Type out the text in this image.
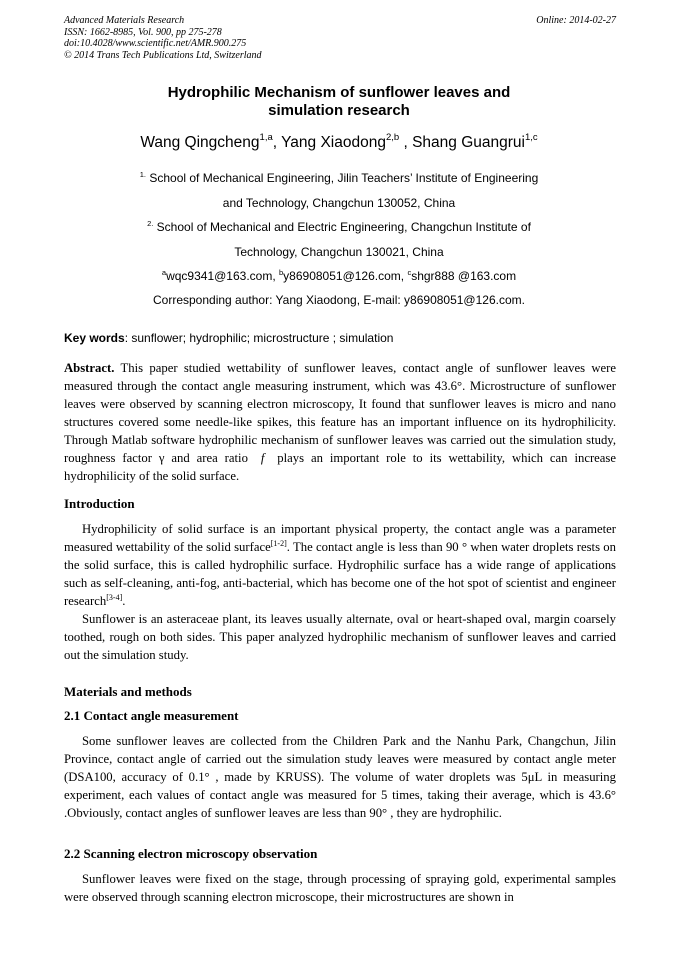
Advanced Materials Research
ISSN: 1662-8985, Vol. 900, pp 275-278
doi:10.4028/www.scientific.net/AMR.900.275
© 2014 Trans Tech Publications Ltd, Switzerland
Online: 2014-02-27
Hydrophilic Mechanism of sunflower leaves and
simulation research
Wang Qingcheng$^{1,a}$, Yang Xiaodong$^{2,b}$ , Shang Guangrui$^{1,c}$
$^{1.}$ School of Mechanical Engineering, Jilin Teachers’ Institute of Engineering
and Technology, Changchun 130052, China
$^{2.}$ School of Mechanical and Electric Engineering, Changchun Institute of
Technology, Changchun 130021, China
$^a$wqc9341@163.com, $^b$y86908051@126.com, $^c$shgr888 @163.com
Corresponding author: Yang Xiaodong, E-mail: y86908051@126.com.
Key words: sunflower; hydrophilic; microstructure ; simulation

Abstract. This paper studied wettability of sunflower leaves, contact angle of sunflower leaves were measured through the contact angle measuring instrument, which was 43.6°. Microstructure of sunflower leaves were observed by scanning electron microscopy, It found that sunflower leaves is micro and nano structures covered some needle-like spikes, this feature has an important influence on its hydrophilicity. Through Matlab software hydrophilic mechanism of sunflower leaves was carried out the simulation study, roughness factor γ and area ratio f plays an important role to its wettability, which can increase hydrophilicity of the solid surface.

Introduction

Hydrophilicity of solid surface is an important physical property, the contact angle was a parameter measured wettability of the solid surface[1-2]. The contact angle is less than 90 ° when water droplets rests on the solid surface, this is called hydrophilic surface. Hydrophilic surface has a wide range of applications such as self-cleaning, anti-fog, anti-bacterial, which has become one of the hot spot of scientist and engineer research[3-4].

Sunflower is an asteraceae plant, its leaves usually alternate, oval or heart-shaped oval, margin coarsely toothed, rough on both sides. This paper analyzed hydrophilic mechanism of sunflower leaves and carried out the simulation study.

Materials and methods
2.1 Contact angle measurement

Some sunflower leaves are collected from the Children Park and the Nanhu Park, Changchun, Jilin Province, contact angle of carried out the simulation study leaves were measured by contact angle meter (DSA100, accuracy of 0.1° , made by KRUSS). The volume of water droplets was 5μL in measuring experiment, each values of contact angle was measured for 5 times, taking their average, which is 43.6° .Obviously, contact angles of sunflower leaves are less than 90° , they are hydrophilic.

2.2 Scanning electron microscopy observation

Sunflower leaves were fixed on the stage, through processing of spraying gold, experimental samples were observed through scanning electron microscope, their microstructures are shown in
